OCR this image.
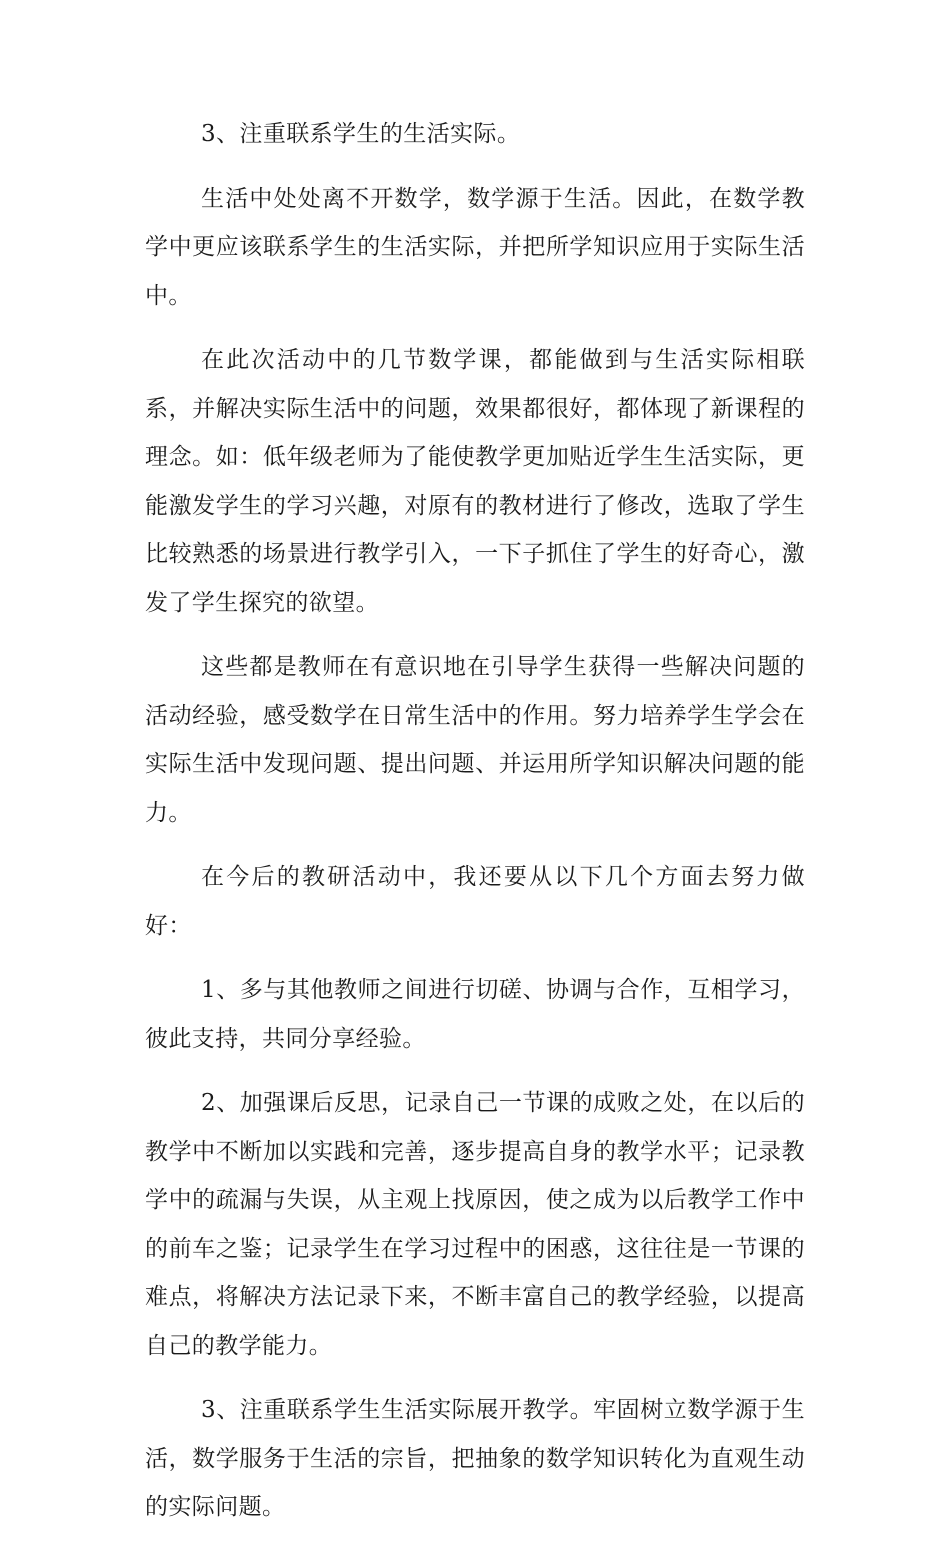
3、注重联系学生的生活实际。

生活中处处离不开数学，数学源于生活。因此，在数学教学中更应该联系学生的生活实际，并把所学知识应用于实际生活中。

在此次活动中的几节数学课，都能做到与生活实际相联系，并解决实际生活中的问题，效果都很好，都体现了新课程的理念。如：低年级老师为了能使教学更加贴近学生生活实际，更能激发学生的学习兴趣，对原有的教材进行了修改，选取了学生比较熟悉的场景进行教学引入，一下子抓住了学生的好奇心，激发了学生探究的欲望。

这些都是教师在有意识地在引导学生获得一些解决问题的活动经验，感受数学在日常生活中的作用。努力培养学生学会在实际生活中发现问题、提出问题、并运用所学知识解决问题的能力。

在今后的教研活动中，我还要从以下几个方面去努力做好：

1、多与其他教师之间进行切磋、协调与合作，互相学习，彼此支持，共同分享经验。

2、加强课后反思，记录自己一节课的成败之处，在以后的教学中不断加以实践和完善，逐步提高自身的教学水平；记录教学中的疏漏与失误，从主观上找原因，使之成为以后教学工作中的前车之鉴；记录学生在学习过程中的困惑，这往往是一节课的难点，将解决方法记录下来，不断丰富自己的教学经验，以提高自己的教学能力。

3、注重联系学生生活实际展开教学。牢固树立数学源于生活，数学服务于生活的宗旨，把抽象的数学知识转化为直观生动的实际问题。
